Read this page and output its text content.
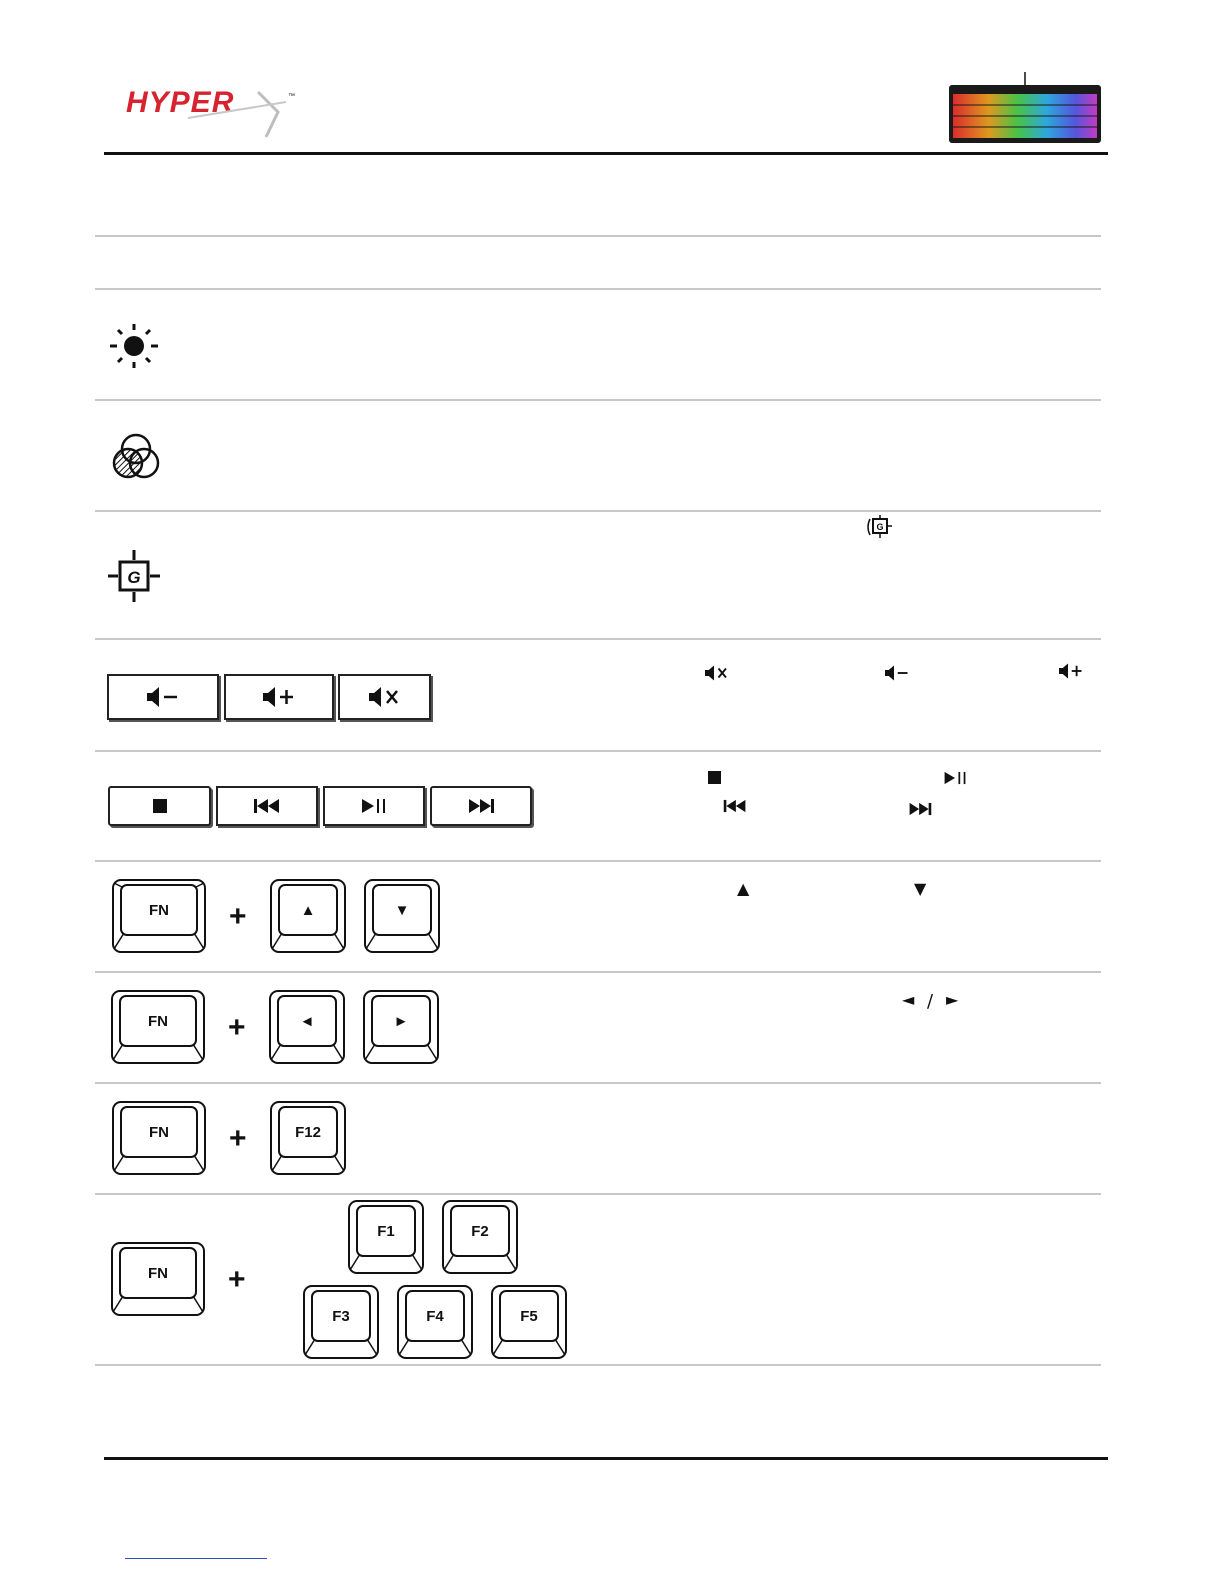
HYPER	™
G
G
FN	+	▲	▼
▲	▼
FN	+	◄	►
◄ / ►
FN	+	F12
FN	+
F1	F2
F3	F4	F5
